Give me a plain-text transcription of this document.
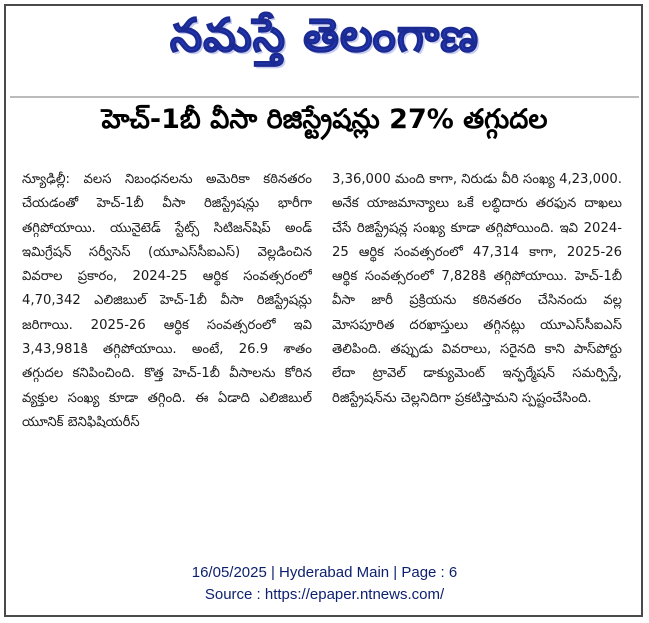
నమస్తే తెలంగాణ
హెచ్‌-1బీ వీసా రిజిస్ట్రేషన్లు 27% తగ్గుదల

న్యూఢిల్లీ: వలస నిబంధనలను అమెరికా కఠినతరం చేయడంతో హెచ్‌-1బీ వీసా రిజిస్ట్రేషన్లు భారీగా తగ్గిపోయాయి. యునైటెడ్ స్టేట్స్ సిటిజన్‌షిప్ అండ్ ఇమిగ్రేషన్ సర్వీసెస్ (యూఎస్‌సీఐఎస్) వెల్లడించిన వివరాల ప్రకారం, 2024-25 ఆర్థిక సంవత్సరంలో 4,70,342 ఎలిజిబుల్ హెచ్‌-1బీ వీసా రిజిస్ట్రేషన్లు జరిగాయి. 2025-26 ఆర్థిక సంవత్సరంలో ఇవి 3,43,981కి తగ్గిపోయాయి. అంటే, 26.9 శాతం తగ్గుదల కనిపించింది. కొత్త హెచ్‌-1బీ వీసాలను కోరిన వ్యక్తుల సంఖ్య కూడా తగ్గింది. ఈ ఏడాది ఎలిజిబుల్ యూనిక్ బెనిఫిషియరీస్

3,36,000 మంది కాగా, నిరుడు వీరి సంఖ్య 4,23,000. అనేక యాజమాన్యాలు ఒకే లబ్ధిదారు తరఫున దాఖలు చేసే రిజిస్ట్రేషన్ల సంఖ్య కూడా తగ్గిపోయింది. ఇవి 2024-25 ఆర్థిక సంవత్సరంలో 47,314 కాగా, 2025-26 ఆర్థిక సంవత్సరంలో 7,828కి తగ్గిపోయాయి. హెచ్‌-1బీ వీసా జారీ ప్రక్రియను కఠినతరం చేసినందు వల్ల మోసపూరిత దరఖాస్తులు తగ్గినట్లు యూఎస్‌సీఐఎస్ తెలిపింది. తప్పుడు వివరాలు, సరైనది కాని పాస్‌పోర్టు లేదా ట్రావెల్ డాక్యుమెంట్ ఇన్ఫర్మేషన్ సమర్పిస్తే, రిజిస్ట్రేషన్‌ను చెల్లనిదిగా ప్రకటిస్తామని స్పష్టంచేసింది.

16/05/2025 | Hyderabad Main | Page : 6
Source : https://epaper.ntnews.com/
